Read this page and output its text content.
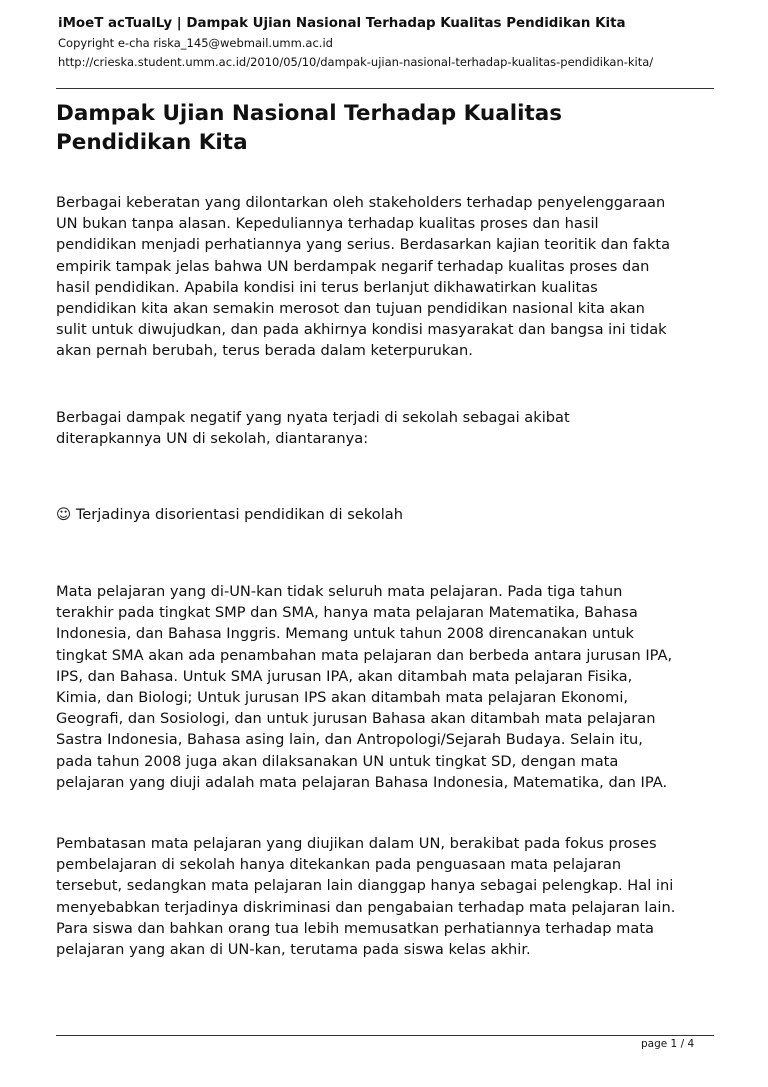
iMoeT acTualLy | Dampak Ujian Nasional Terhadap Kualitas Pendidikan Kita
Copyright e-cha riska_145@webmail.umm.ac.id
http://crieska.student.umm.ac.id/2010/05/10/dampak-ujian-nasional-terhadap-kualitas-pendidikan-kita/
Dampak Ujian Nasional Terhadap Kualitas Pendidikan Kita

Berbagai keberatan yang dilontarkan oleh stakeholders terhadap penyelenggaraan
UN bukan tanpa alasan. Kepeduliannya terhadap kualitas proses dan hasil
pendidikan menjadi perhatiannya yang serius. Berdasarkan kajian teoritik dan fakta
empirik tampak jelas bahwa UN berdampak negarif terhadap kualitas proses dan
hasil pendidikan. Apabila kondisi ini terus berlanjut dikhawatirkan kualitas
pendidikan kita akan semakin merosot dan tujuan pendidikan nasional kita akan
sulit untuk diwujudkan, dan pada akhirnya kondisi masyarakat dan bangsa ini tidak
akan pernah berubah, terus berada dalam keterpurukan.

Berbagai dampak negatif yang nyata terjadi di sekolah sebagai akibat
diterapkannya UN di sekolah, diantaranya:

☺ Terjadinya disorientasi pendidikan di sekolah

Mata pelajaran yang di-UN-kan tidak seluruh mata pelajaran. Pada tiga tahun
terakhir pada tingkat SMP dan SMA, hanya mata pelajaran Matematika, Bahasa
Indonesia, dan Bahasa Inggris. Memang untuk tahun 2008 direncanakan untuk
tingkat SMA akan ada penambahan mata pelajaran dan berbeda antara jurusan IPA,
IPS, dan Bahasa. Untuk SMA jurusan IPA, akan ditambah mata pelajaran Fisika,
Kimia, dan Biologi; Untuk jurusan IPS akan ditambah mata pelajaran Ekonomi,
Geografi, dan Sosiologi, dan untuk jurusan Bahasa akan ditambah mata pelajaran
Sastra Indonesia, Bahasa asing lain, dan Antropologi/Sejarah Budaya. Selain itu,
pada tahun 2008 juga akan dilaksanakan UN untuk tingkat SD, dengan mata
pelajaran yang diuji adalah mata pelajaran Bahasa Indonesia, Matematika, dan IPA.

Pembatasan mata pelajaran yang diujikan dalam UN, berakibat pada fokus proses
pembelajaran di sekolah hanya ditekankan pada penguasaan mata pelajaran
tersebut, sedangkan mata pelajaran lain dianggap hanya sebagai pelengkap. Hal ini
menyebabkan terjadinya diskriminasi dan pengabaian terhadap mata pelajaran lain.
Para siswa dan bahkan orang tua lebih memusatkan perhatiannya terhadap mata
pelajaran yang akan di UN-kan, terutama pada siswa kelas akhir.

page 1 / 4
